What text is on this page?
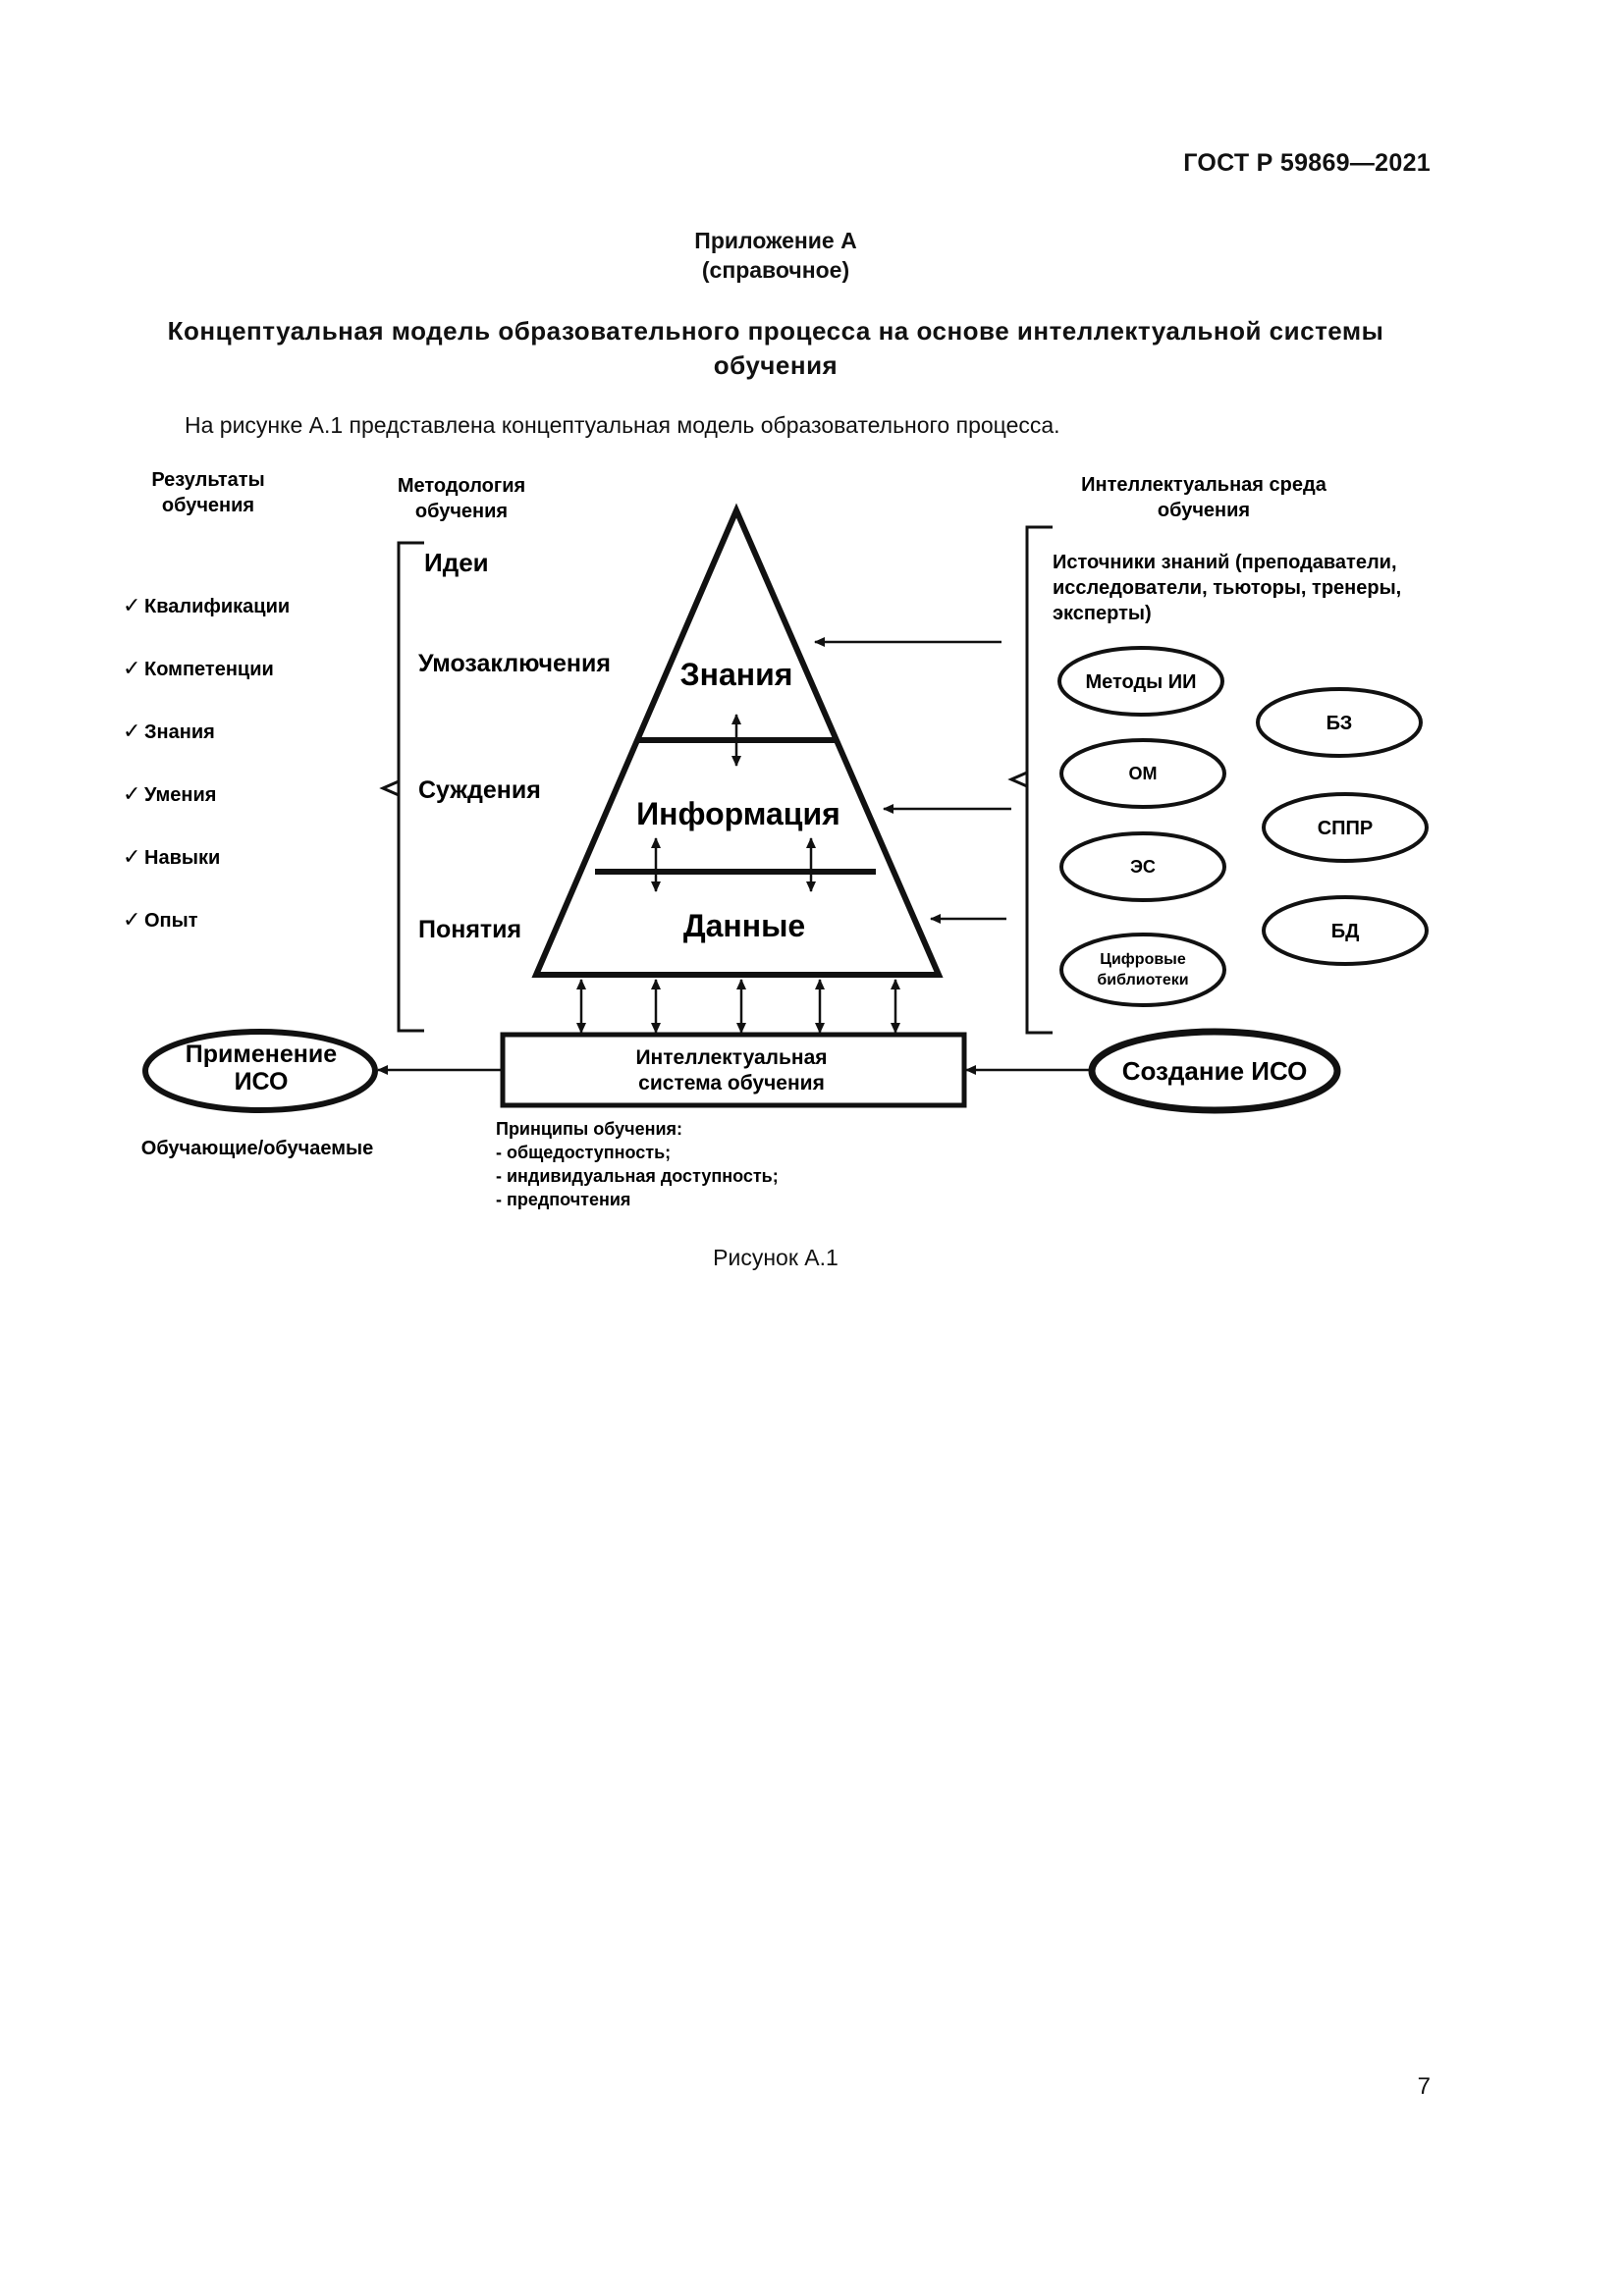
ГОСТ Р 59869—2021
Приложение А
(справочное)
Концептуальная модель образовательного процесса на основе интеллектуальной системы
обучения
На рисунке А.1 представлена концептуальная модель образовательного процесса.
Результаты
обучения
✓ Квалификации
✓ Компетенции
✓ Знания
✓ Умения
✓ Навыки
✓ Опыт
Методология
обучения
Идеи
Умозаключения
Суждения
Понятия
Знания
Информация
Данные
Интеллектуальная
система обучения
Применение
ИСО
Обучающие/обучаемые
Создание ИСО
Принципы обучения:
- общедоступность;
- индивидуальная доступность;
- предпочтения
Интеллектуальная среда
обучения
Источники знаний (преподаватели,
исследователи, тьюторы, тренеры,
эксперты)
Методы ИИ
ОМ
ЭС
Цифровые
библиотеки
БЗ
СППР
БД
Рисунок А.1
7
